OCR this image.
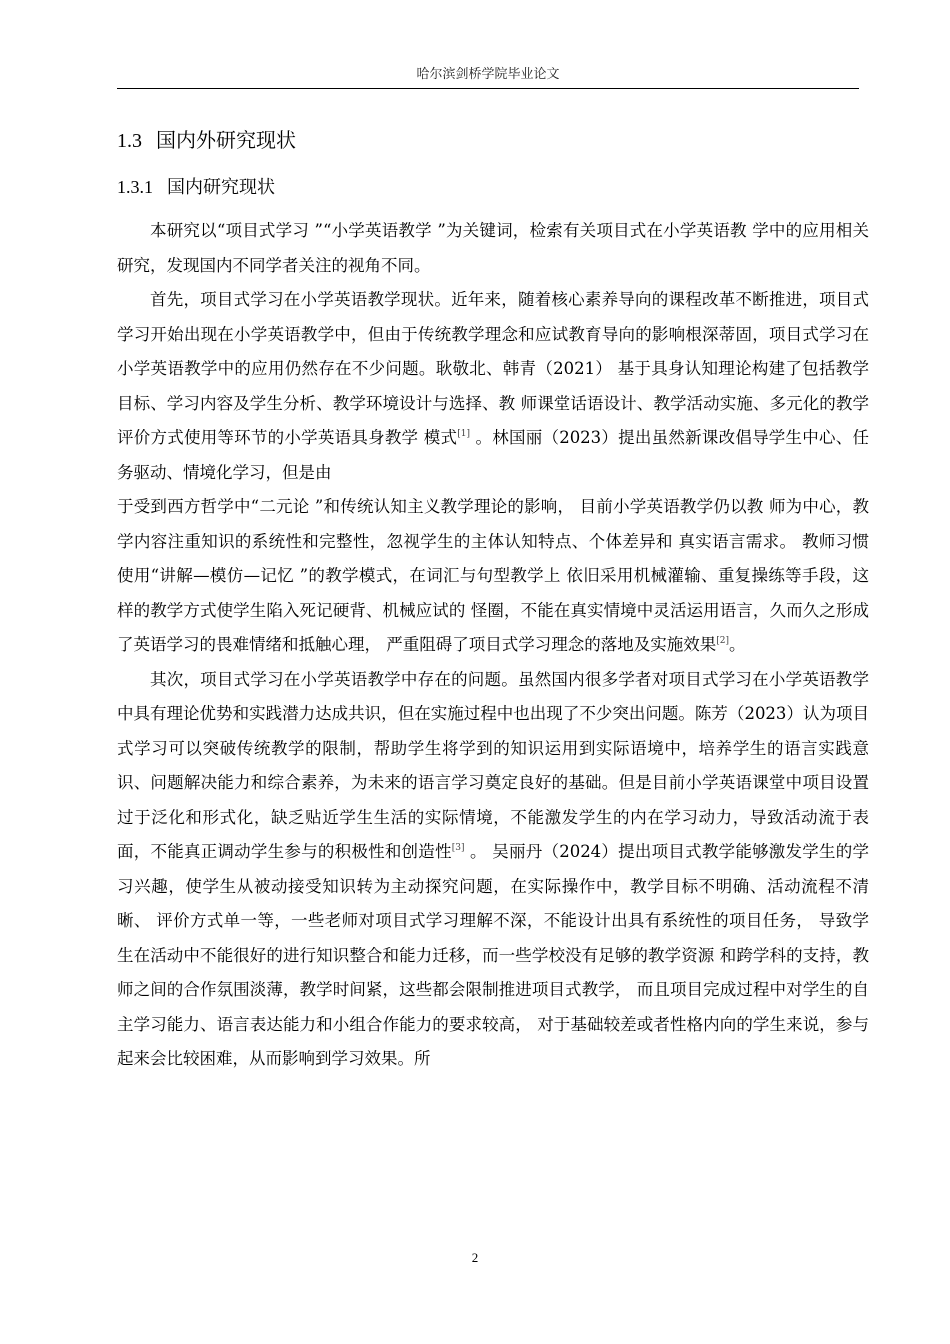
哈尔滨剑桥学院毕业论文
1.3 国内外研究现状
1.3.1 国内研究现状

本研究以“项目式学习 ”“小学英语教学 ”为关键词，检索有关项目式在小学英语教 学中的应用相关研究，发现国内不同学者关注的视角不同。

首先，项目式学习在小学英语教学现状。近年来，随着核心素养导向的课程改革不断推进，项目式学习开始出现在小学英语教学中，但由于传统教学理念和应试教育导向的影响根深蒂固，项目式学习在小学英语教学中的应用仍然存在不少问题。耿敬北、韩青（2021） 基于具身认知理论构建了包括教学目标、学习内容及学生分析、教学环境设计与选择、教 师课堂话语设计、教学活动实施、多元化的教学评价方式使用等环节的小学英语具身教学 模式[1] 。林国丽（2023）提出虽然新课改倡导学生中心、任务驱动、情境化学习，但是由

于受到西方哲学中“二元论 ”和传统认知主义教学理论的影响， 目前小学英语教学仍以教 师为中心，教学内容注重知识的系统性和完整性，忽视学生的主体认知特点、个体差异和 真实语言需求。 教师习惯使用“讲解—模仿—记忆 ”的教学模式，在词汇与句型教学上 依旧采用机械灌输、重复操练等手段，这样的教学方式使学生陷入死记硬背、机械应试的 怪圈，不能在真实情境中灵活运用语言，久而久之形成了英语学习的畏难情绪和抵触心理， 严重阻碍了项目式学习理念的落地及实施效果[2]。

其次，项目式学习在小学英语教学中存在的问题。虽然国内很多学者对项目式学习在小学英语教学中具有理论优势和实践潜力达成共识，但在实施过程中也出现了不少突出问题。陈芳（2023）认为项目式学习可以突破传统教学的限制，帮助学生将学到的知识运用到实际语境中，培养学生的语言实践意识、问题解决能力和综合素养，为未来的语言学习奠定良好的基础。但是目前小学英语课堂中项目设置过于泛化和形式化，缺乏贴近学生生活的实际情境，不能激发学生的内在学习动力，导致活动流于表面，不能真正调动学生参与的积极性和创造性[3] 。 吴丽丹（2024）提出项目式教学能够激发学生的学习兴趣，使学生从被动接受知识转为主动探究问题，在实际操作中，教学目标不明确、活动流程不清晰、 评价方式单一等，一些老师对项目式学习理解不深，不能设计出具有系统性的项目任务， 导致学生在活动中不能很好的进行知识整合和能力迁移，而一些学校没有足够的教学资源 和跨学科的支持，教师之间的合作氛围淡薄，教学时间紧，这些都会限制推进项目式教学， 而且项目完成过程中对学生的自主学习能力、语言表达能力和小组合作能力的要求较高， 对于基础较差或者性格内向的学生来说，参与起来会比较困难，从而影响到学习效果。所

2
